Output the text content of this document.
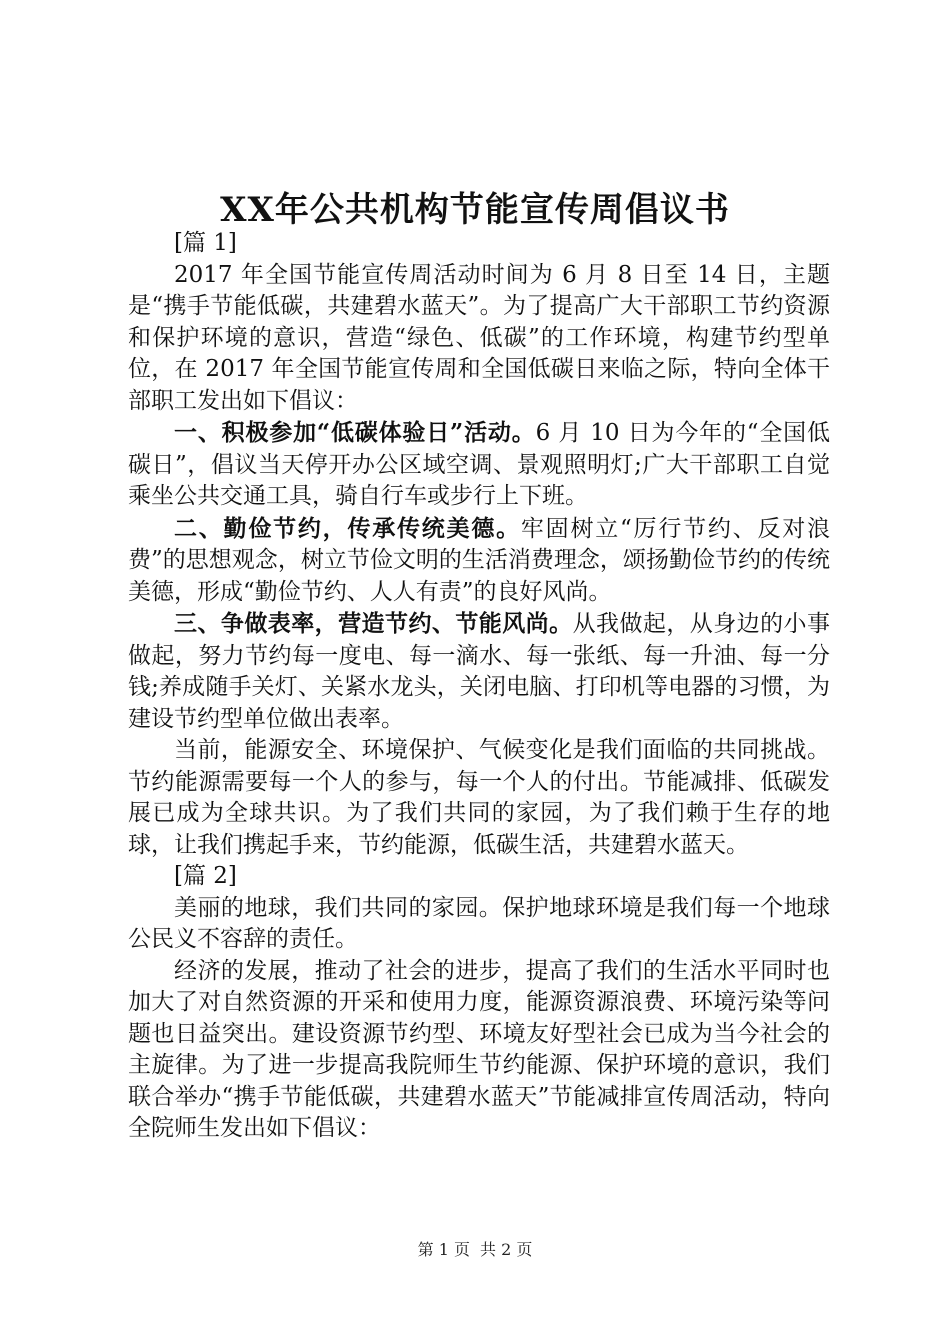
XX年公共机构节能宣传周倡议书

[篇 1]

2017 年全国节能宣传周活动时间为 6 月 8 日至 14 日，主题是“携手节能低碳，共建碧水蓝天”。为了提高广大干部职工节约资源和保护环境的意识，营造“绿色、低碳”的工作环境，构建节约型单位，在 2017 年全国节能宣传周和全国低碳日来临之际，特向全体干部职工发出如下倡议：

一、积极参加“低碳体验日”活动。6 月 10 日为今年的“全国低碳日”，倡议当天停开办公区域空调、景观照明灯;广大干部职工自觉乘坐公共交通工具，骑自行车或步行上下班。

二、勤俭节约，传承传统美德。牢固树立“厉行节约、反对浪费”的思想观念，树立节俭文明的生活消费理念，颂扬勤俭节约的传统美德，形成“勤俭节约、人人有责”的良好风尚。

三、争做表率，营造节约、节能风尚。从我做起，从身边的小事做起，努力节约每一度电、每一滴水、每一张纸、每一升油、每一分钱;养成随手关灯、关紧水龙头，关闭电脑、打印机等电器的习惯，为建设节约型单位做出表率。

当前，能源安全、环境保护、气候变化是我们面临的共同挑战。节约能源需要每一个人的参与，每一个人的付出。节能减排、低碳发展已成为全球共识。为了我们共同的家园，为了我们赖于生存的地球，让我们携起手来，节约能源，低碳生活，共建碧水蓝天。

[篇 2]

美丽的地球，我们共同的家园。保护地球环境是我们每一个地球公民义不容辞的责任。

经济的发展，推动了社会的进步，提高了我们的生活水平同时也加大了对自然资源的开采和使用力度，能源资源浪费、环境污染等问题也日益突出。建设资源节约型、环境友好型社会已成为当今社会的主旋律。为了进一步提高我院师生节约能源、保护环境的意识，我们联合举办“携手节能低碳，共建碧水蓝天”节能减排宣传周活动，特向全院师生发出如下倡议：

第 1 页 共 2 页
